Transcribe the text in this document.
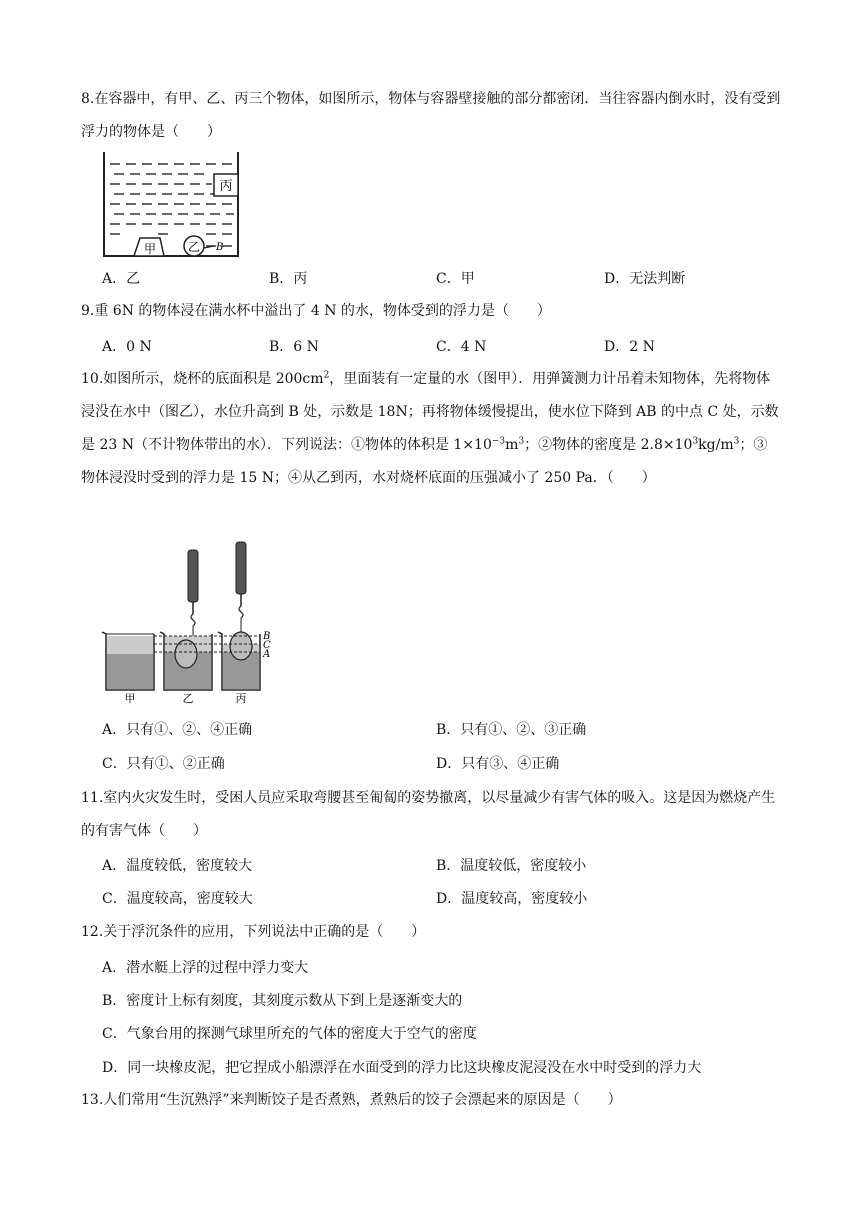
8.在容器中，有甲、乙、丙三个物体，如图所示，物体与容器壁接触的部分都密闭．当往容器内倒水时，没有受到浮力的物体是（　　）
丙
甲	乙 B
A．乙	B．丙	C．甲	D．无法判断
9.重 6N 的物体浸在满水杯中溢出了 4 N 的水，物体受到的浮力是（　　）
A．0 N	B．6 N	C．4 N	D．2 N
10.如图所示，烧杯的底面积是 $200cm^2$，里面装有一定量的水（图甲）．用弹簧测力计吊着未知物体，先将物体浸没在水中（图乙），水位升高到 B 处，示数是 18N；再将物体缓慢提出，使水位下降到 AB 的中点 C 处，示数是 23 N（不计物体带出的水）．下列说法：①物体的体积是 $1\times 10^{-3}m^3$；②物体的密度是 $2.8\times 10^3kg/m^3$；③物体浸没时受到的浮力是 15 N；④从乙到丙，水对烧杯底面的压强减小了 250 Pa．（　　）
B
C
A
甲	乙	丙
A．只有①、②、④正确	B．只有①、②、③正确
C．只有①、②正确	D．只有③、④正确
11.室内火灾发生时，受困人员应采取弯腰甚至匍匐的姿势撤离，以尽量减少有害气体的吸入。这是因为燃烧产生的有害气体（　　）
A．温度较低，密度较大	B．温度较低，密度较小
C．温度较高，密度较大	D．温度较高，密度较小
12.关于浮沉条件的应用，下列说法中正确的是（　　）
A．潜水艇上浮的过程中浮力变大
B．密度计上标有刻度，其刻度示数从下到上是逐渐变大的
C．气象台用的探测气球里所充的气体的密度大于空气的密度
D．同一块橡皮泥，把它捏成小船漂浮在水面受到的浮力比这块橡皮泥浸没在水中时受到的浮力大
13.人们常用“生沉熟浮”来判断饺子是否煮熟，煮熟后的饺子会漂起来的原因是（　　）
